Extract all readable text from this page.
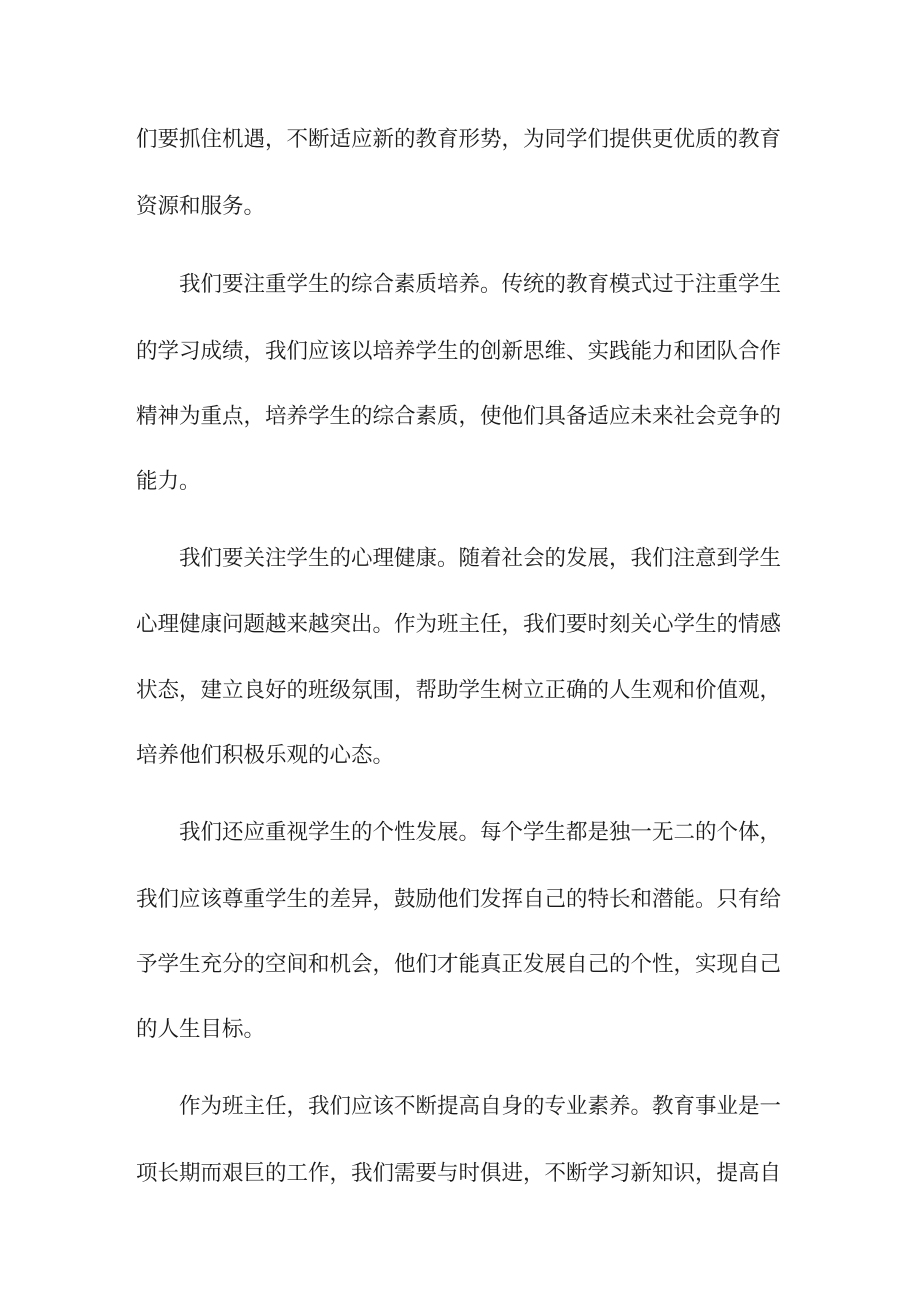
们要抓住机遇，不断适应新的教育形势，为同学们提供更优质的教育

资源和服务。

我们要注重学生的综合素质培养。传统的教育模式过于注重学生

的学习成绩，我们应该以培养学生的创新思维、实践能力和团队合作

精神为重点，培养学生的综合素质，使他们具备适应未来社会竞争的

能力。

我们要关注学生的心理健康。随着社会的发展，我们注意到学生

心理健康问题越来越突出。作为班主任，我们要时刻关心学生的情感

状态，建立良好的班级氛围，帮助学生树立正确的人生观和价值观，

培养他们积极乐观的心态。

我们还应重视学生的个性发展。每个学生都是独一无二的个体，

我们应该尊重学生的差异，鼓励他们发挥自己的特长和潜能。只有给

予学生充分的空间和机会，他们才能真正发展自己的个性，实现自己

的人生目标。

作为班主任，我们应该不断提高自身的专业素养。教育事业是一

项长期而艰巨的工作，我们需要与时俱进，不断学习新知识，提高自
